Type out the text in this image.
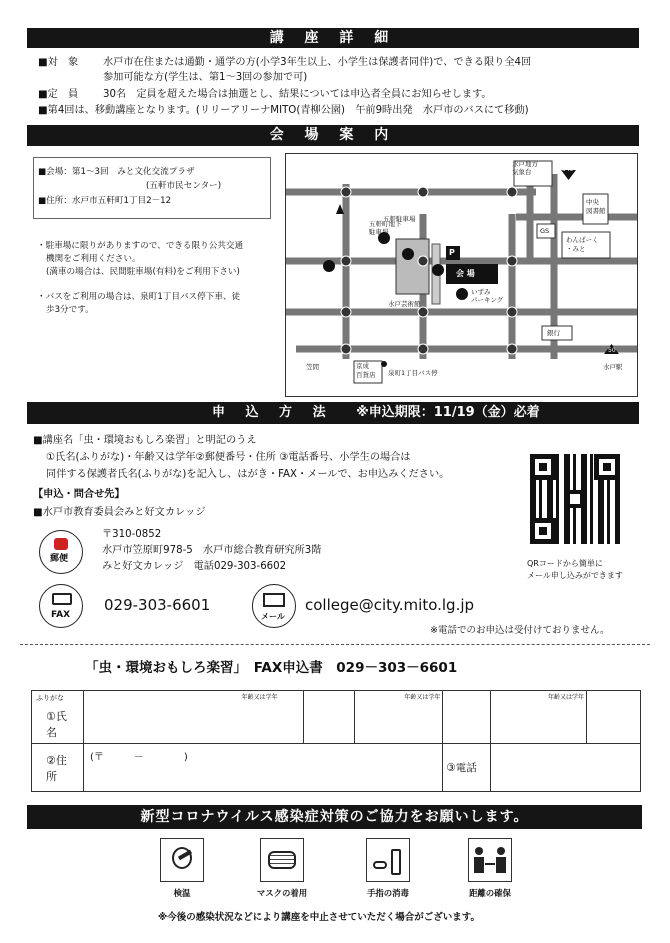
講 座 詳 細
■対　象 水戸市在住または通勤・通学の方(小学3年生以上、小学生は保護者同伴)で、できる限り全4回
参加可能な方(学生は、第1～3回の参加で可)
■定　員 30名　定員を超えた場合は抽選とし、結果については申込者全員にお知らせします。
■第4回は、移動講座となります。(リリーアリーナMITO(青柳公園)　午前9時出発　水戸市のバスにて移動)
会 場 案 内
■会場：第1～3回　みと文化交流プラザ
(五軒市民センター)
■住所：水戸市五軒町1丁目2－12
・駐車場に限りがありますので、できる限り公共交通
機関をご利用ください。
(満車の場合は、民間駐車場(有料)をご利用下さい)
・バスをご利用の場合は、泉町1丁目バス停下車、徒
歩3分です。
水戸地方
気象台	349
五軒駐車場
五軒町地下
駐車場	GS
中央
図書館
わんぱーく
・みと
会 場
P
水戸芸術館
いずみ
パーキング
銀行
50
水戸駅
笠間	京成
百貨店 泉町1丁目バス停
申 込 方 法 ※申込期限：11/19（金）必着
■講座名「虫・環境おもしろ楽習」と明記のうえ
①氏名(ふりがな)・年齢又は学年②郵便番号・住所 ③電話番号、小学生の場合は
同伴する保護者氏名(ふりがな)を記入し、はがき・FAX・メールで、お申込みください。
【申込・問合せ先】
■水戸市教育委員会みと好文カレッジ
〒310-0852
水戸市笠原町978-5　水戸市総合教育研究所3階
みと好文カレッジ　電話029-303-6602
郵便
FAX
029-303-6601
メール
college@city.mito.lg.jp
QRコードから簡単に
メール申し込みができます
※電話でのお申込は受付けておりません。
「虫・環境おもしろ楽習」　FAX申込書　029－303－6601
ふりがな
①氏名	年齢又は学年		年齢又は学年		年齢又は学年	

②住所	(〒　　　－　　　　)			③電話		

新型コロナウイルス感染症対策のご協力をお願いします。
検温	マスクの着用	手指の消毒	距離の確保
※今後の感染状況などにより講座を中止させていただく場合がございます。
